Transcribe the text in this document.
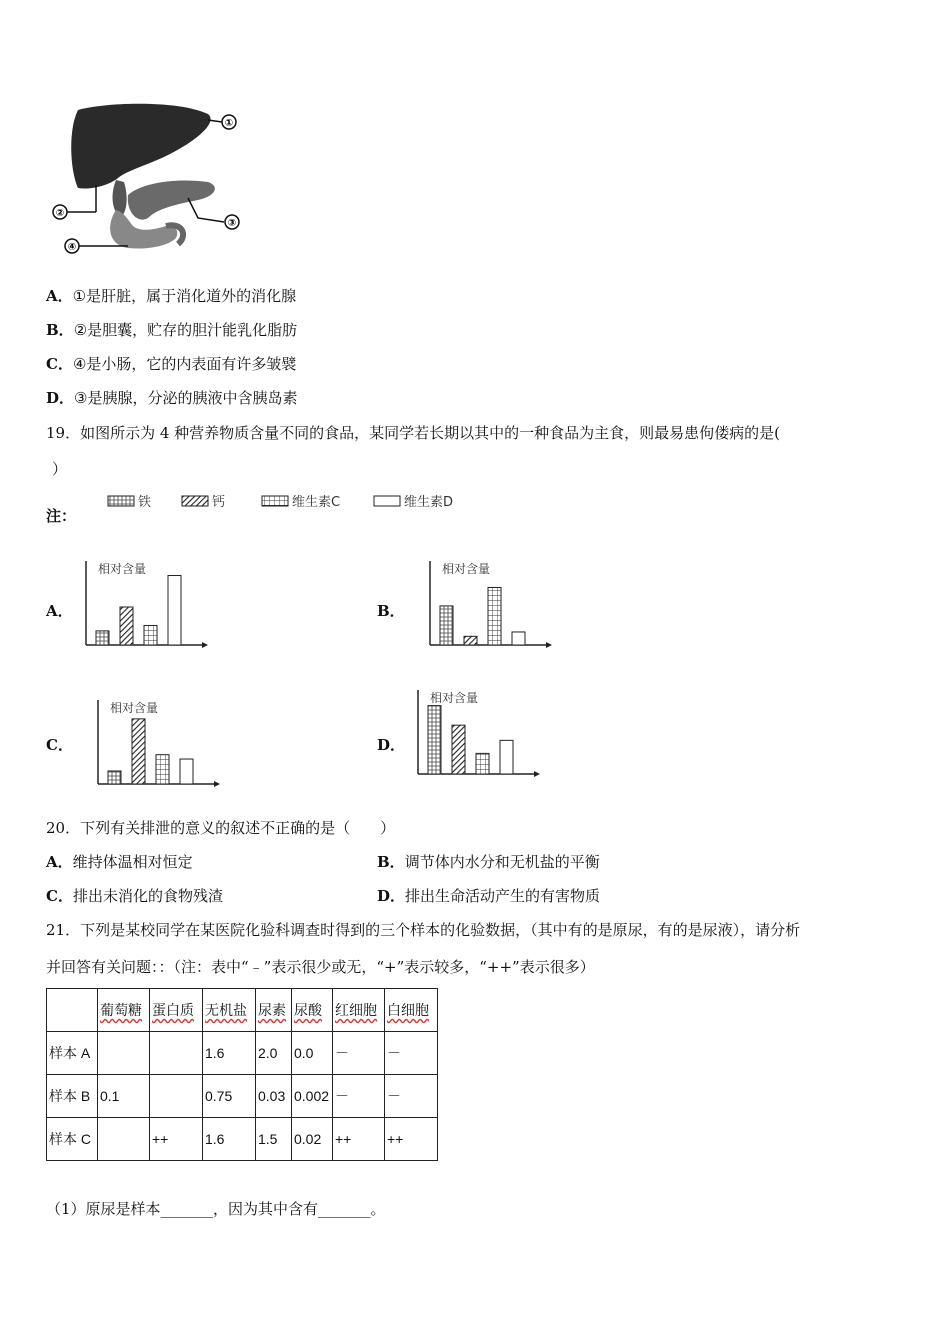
①
②
③
④
A．①是肝脏，属于消化道外的消化腺
B．②是胆囊，贮存的胆汁能乳化脂肪
C．④是小肠，它的内表面有许多皱襞
D．③是胰腺，分泌的胰液中含胰岛素
19．如图所示为 4 种营养物质含量不同的食品，某同学若长期以其中的一种食品为主食，则最易患佝偻病的是(
）
注：
铁	钙	维生素C	维生素D
A．	B．
C．	D．
相对含量	相对含量
相对含量
相对含量
20．下列有关排泄的意义的叙述不正确的是（　　）
A．维持体温相对恒定	B．调节体内水分和无机盐的平衡
C．排出未消化的食物残渣	D．排出生命活动产生的有害物质
21．下列是某校同学在某医院化验科调查时得到的三个样本的化验数据，（其中有的是原尿，有的是尿液），请分析
并回答有关问题：：（注：表中“﹣”表示很少或无，“+”表示较多，“++”表示很多）
	葡萄糖	蛋白质	无机盐	尿素	尿酸	红细胞	白细胞
样本 A			1.6	2.0	0.0	－	－
样本 B	0.1		0.75	0.03	0.002	－	－
样本 C		++	1.6	1.5	0.02	++	++
（1）原尿是样本_______，因为其中含有_______。
